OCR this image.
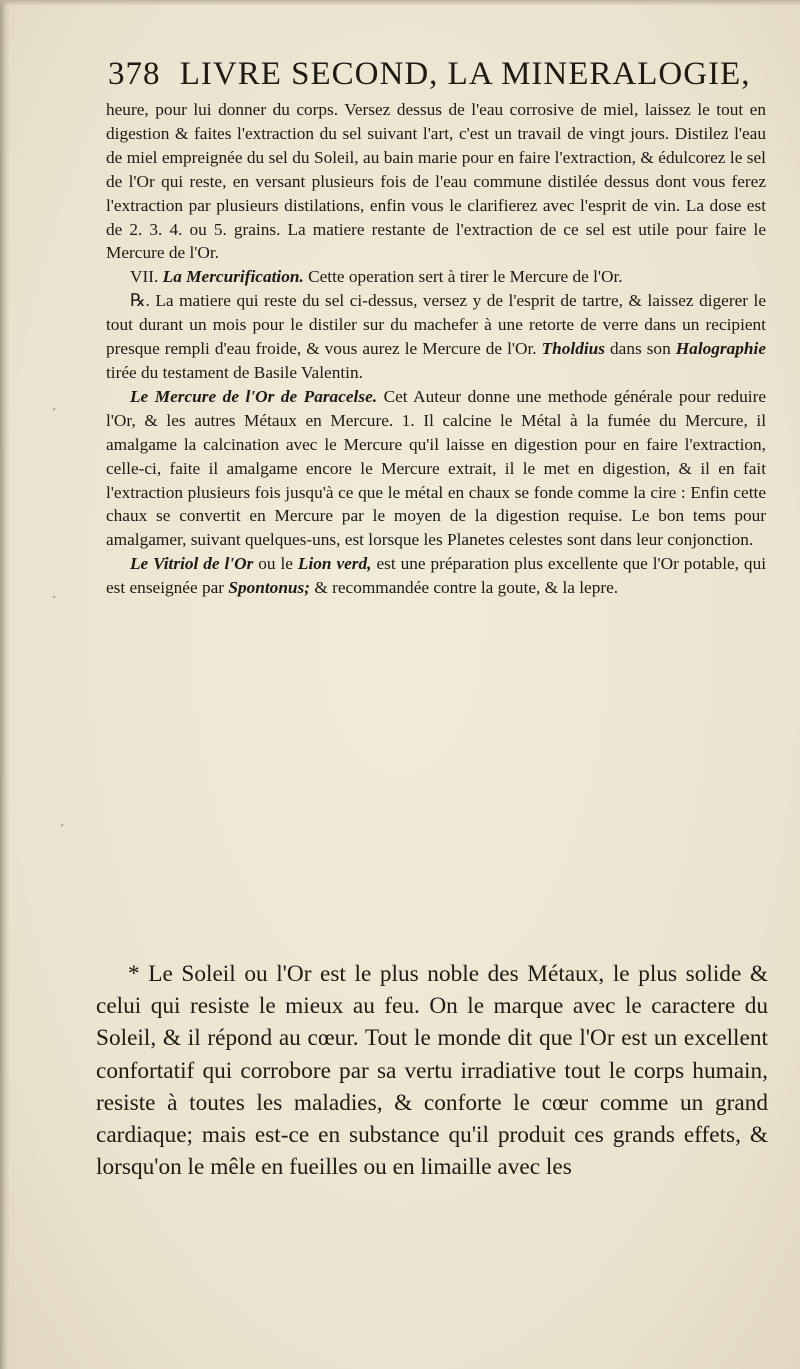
378 LIVRE SECOND, LA MINERALOGIE,

heure, pour lui donner du corps. Versez dessus de l'eau corrosive de miel, laissez le tout en digestion & faites l'extraction du sel suivant l'art, c'est un travail de vingt jours. Distilez l'eau de miel empreignée du sel du Soleil, au bain marie pour en faire l'extraction, & édulcorez le sel de l'Or qui reste, en versant plusieurs fois de l'eau commune distilée dessus dont vous ferez l'extraction par plusieurs distilations, enfin vous le clarifierez avec l'esprit de vin. La dose est de 2. 3. 4. ou 5. grains. La matiere restante de l'extraction de ce sel est utile pour faire le Mercure de l'Or.

VII. La Mercurification. Cette operation sert à tirer le Mercure de l'Or.

℞. La matiere qui reste du sel ci-dessus, versez y de l'esprit de tartre, & laissez digerer le tout durant un mois pour le distiler sur du machefer à une retorte de verre dans un recipient presque rempli d'eau froide, & vous aurez le Mercure de l'Or. Tholdius dans son Halographie tirée du testament de Basile Valentin.

Le Mercure de l'Or de Paracelse. Cet Auteur donne une methode générale pour reduire l'Or, & les autres Métaux en Mercure. 1. Il calcine le Métal à la fumée du Mercure, il amalgame la calcination avec le Mercure qu'il laisse en digestion pour en faire l'extraction, celle-ci, faite il amalgame encore le Mercure extrait, il le met en digestion, & il en fait l'extraction plusieurs fois jusqu'à ce que le métal en chaux se fonde comme la cire : Enfin cette chaux se convertit en Mercure par le moyen de la digestion requise. Le bon tems pour amalgamer, suivant quelques-uns, est lorsque les Planetes celestes sont dans leur conjonction.

Le Vitriol de l'Or ou le Lion verd, est une préparation plus excellente que l'Or potable, qui est enseignée par Spontonus; & recommandée contre la goute, & la lepre.

* Le Soleil ou l'Or est le plus noble des Métaux, le plus solide & celui qui resiste le mieux au feu. On le marque avec le caractere du Soleil, & il répond au cœur. Tout le monde dit que l'Or est un excellent confortatif qui corrobore par sa vertu irradiative tout le corps humain, resiste à toutes les maladies, & conforte le cœur comme un grand cardiaque; mais est-ce en substance qu'il produit ces grands effets, & lorsqu'on le mêle en fueilles ou en limaille avec les
·
·
·
